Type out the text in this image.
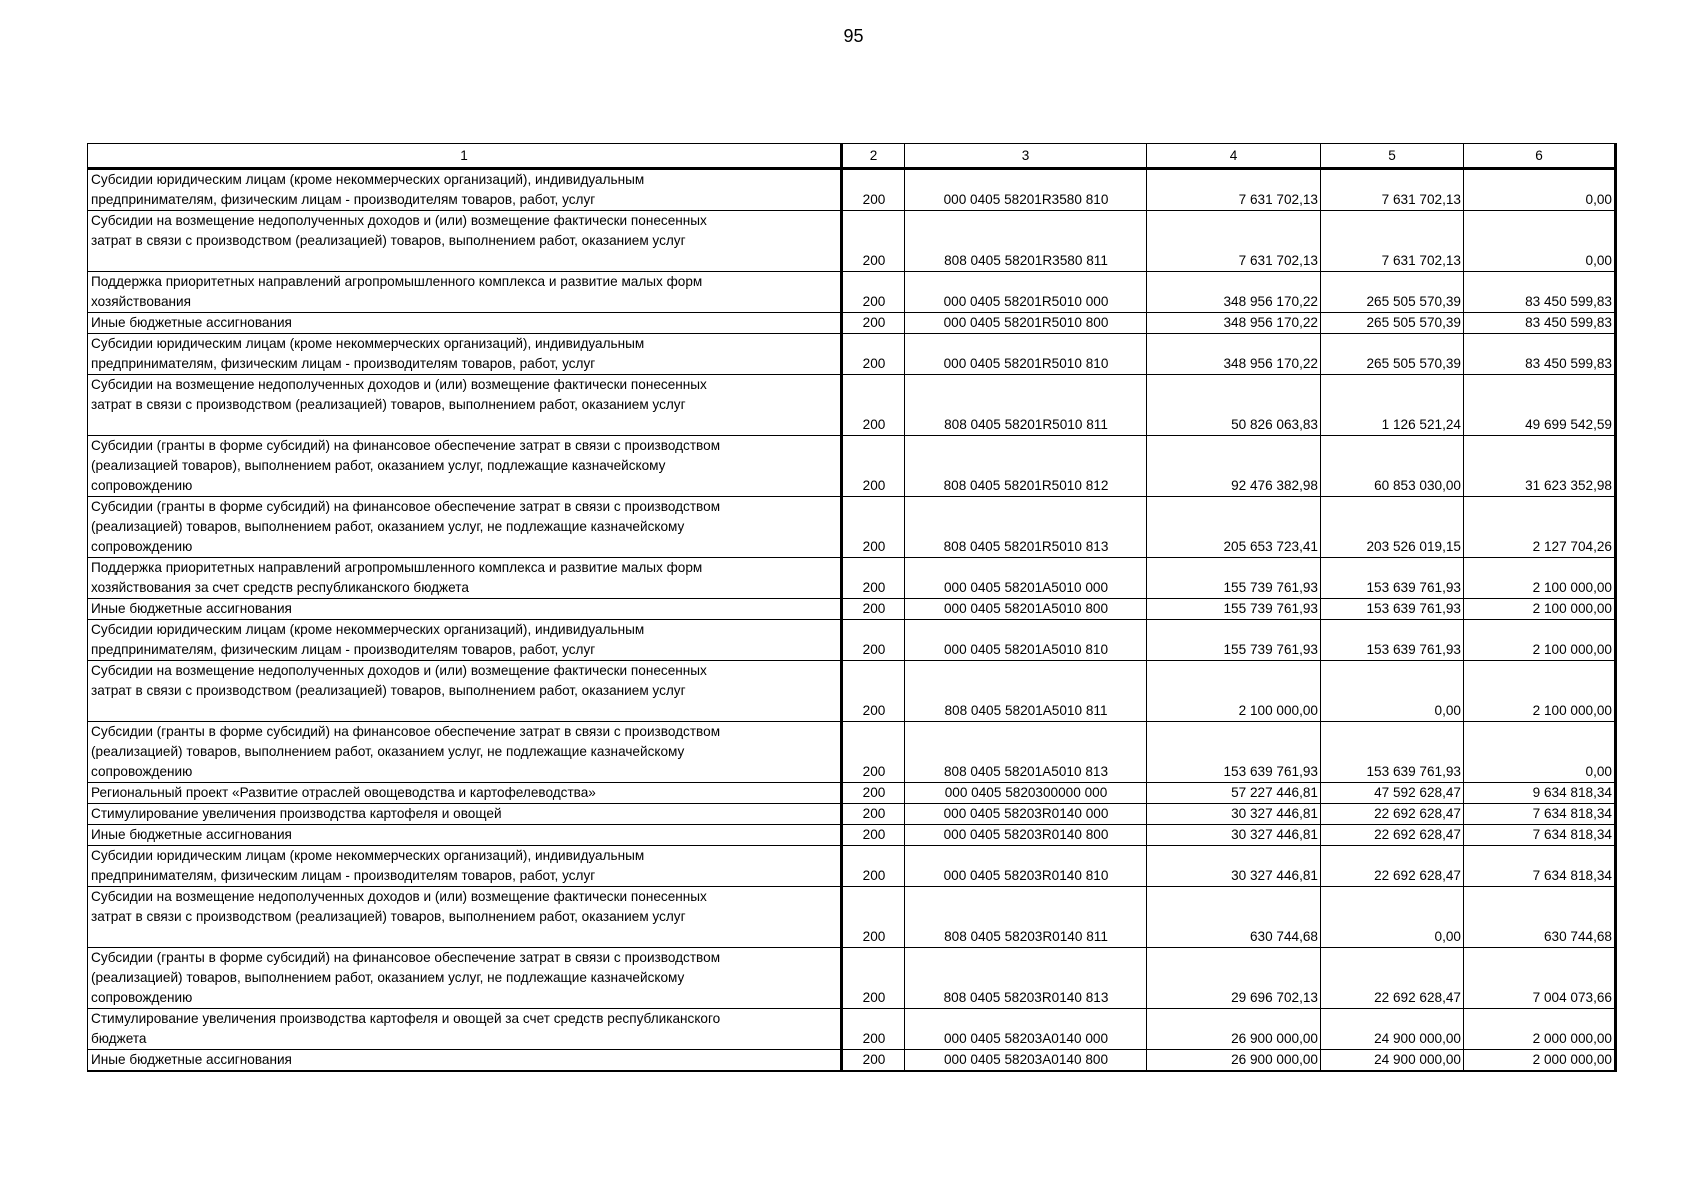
95
1	2	3	4	5	6

Субсидии юридическим лицам (кроме некоммерческих организаций), индивидуальным
предпринимателям, физическим лицам - производителям товаров, работ, услуг	200	000 0405 58201R3580 810	7 631 702,13	7 631 702,13	0,00

Субсидии на возмещение недополученных доходов и (или) возмещение фактически понесенных
затрат в связи с производством (реализацией) товаров, выполнением работ, оказанием услуг	200	808 0405 58201R3580 811	7 631 702,13	7 631 702,13	0,00

Поддержка приоритетных направлений агропромышленного комплекса и развитие малых форм
хозяйствования	200	000 0405 58201R5010 000	348 956 170,22	265 505 570,39	83 450 599,83

Иные бюджетные ассигнования	200	000 0405 58201R5010 800	348 956 170,22	265 505 570,39	83 450 599,83

Субсидии юридическим лицам (кроме некоммерческих организаций), индивидуальным
предпринимателям, физическим лицам - производителям товаров, работ, услуг	200	000 0405 58201R5010 810	348 956 170,22	265 505 570,39	83 450 599,83

Субсидии на возмещение недополученных доходов и (или) возмещение фактически понесенных
затрат в связи с производством (реализацией) товаров, выполнением работ, оказанием услуг	200	808 0405 58201R5010 811	50 826 063,83	1 126 521,24	49 699 542,59

Субсидии (гранты в форме субсидий) на финансовое обеспечение затрат в связи с производством
(реализацией товаров), выполнением работ, оказанием услуг, подлежащие казначейскому
сопровождению	200	808 0405 58201R5010 812	92 476 382,98	60 853 030,00	31 623 352,98

Субсидии (гранты в форме субсидий) на финансовое обеспечение затрат в связи с производством
(реализацией) товаров, выполнением работ, оказанием услуг, не подлежащие казначейскому
сопровождению	200	808 0405 58201R5010 813	205 653 723,41	203 526 019,15	2 127 704,26

Поддержка приоритетных направлений агропромышленного комплекса и развитие малых форм
хозяйствования за счет средств республиканского бюджета	200	000 0405 58201A5010 000	155 739 761,93	153 639 761,93	2 100 000,00

Иные бюджетные ассигнования	200	000 0405 58201A5010 800	155 739 761,93	153 639 761,93	2 100 000,00

Субсидии юридическим лицам (кроме некоммерческих организаций), индивидуальным
предпринимателям, физическим лицам - производителям товаров, работ, услуг	200	000 0405 58201A5010 810	155 739 761,93	153 639 761,93	2 100 000,00

Субсидии на возмещение недополученных доходов и (или) возмещение фактически понесенных
затрат в связи с производством (реализацией) товаров, выполнением работ, оказанием услуг	200	808 0405 58201A5010 811	2 100 000,00	0,00	2 100 000,00

Субсидии (гранты в форме субсидий) на финансовое обеспечение затрат в связи с производством
(реализацией) товаров, выполнением работ, оказанием услуг, не подлежащие казначейскому
сопровождению	200	808 0405 58201A5010 813	153 639 761,93	153 639 761,93	0,00

Региональный проект «Развитие отраслей овощеводства и картофелеводства»	200	000 0405 5820300000 000	57 227 446,81	47 592 628,47	9 634 818,34

Стимулирование увеличения производства картофеля и овощей	200	000 0405 58203R0140 000	30 327 446,81	22 692 628,47	7 634 818,34

Иные бюджетные ассигнования	200	000 0405 58203R0140 800	30 327 446,81	22 692 628,47	7 634 818,34

Субсидии юридическим лицам (кроме некоммерческих организаций), индивидуальным
предпринимателям, физическим лицам - производителям товаров, работ, услуг	200	000 0405 58203R0140 810	30 327 446,81	22 692 628,47	7 634 818,34

Субсидии на возмещение недополученных доходов и (или) возмещение фактически понесенных
затрат в связи с производством (реализацией) товаров, выполнением работ, оказанием услуг	200	808 0405 58203R0140 811	630 744,68	0,00	630 744,68

Субсидии (гранты в форме субсидий) на финансовое обеспечение затрат в связи с производством
(реализацией) товаров, выполнением работ, оказанием услуг, не подлежащие казначейскому
сопровождению	200	808 0405 58203R0140 813	29 696 702,13	22 692 628,47	7 004 073,66

Стимулирование увеличения производства картофеля и овощей за счет средств республиканского
бюджета	200	000 0405 58203A0140 000	26 900 000,00	24 900 000,00	2 000 000,00

Иные бюджетные ассигнования	200	000 0405 58203A0140 800	26 900 000,00	24 900 000,00	2 000 000,00
